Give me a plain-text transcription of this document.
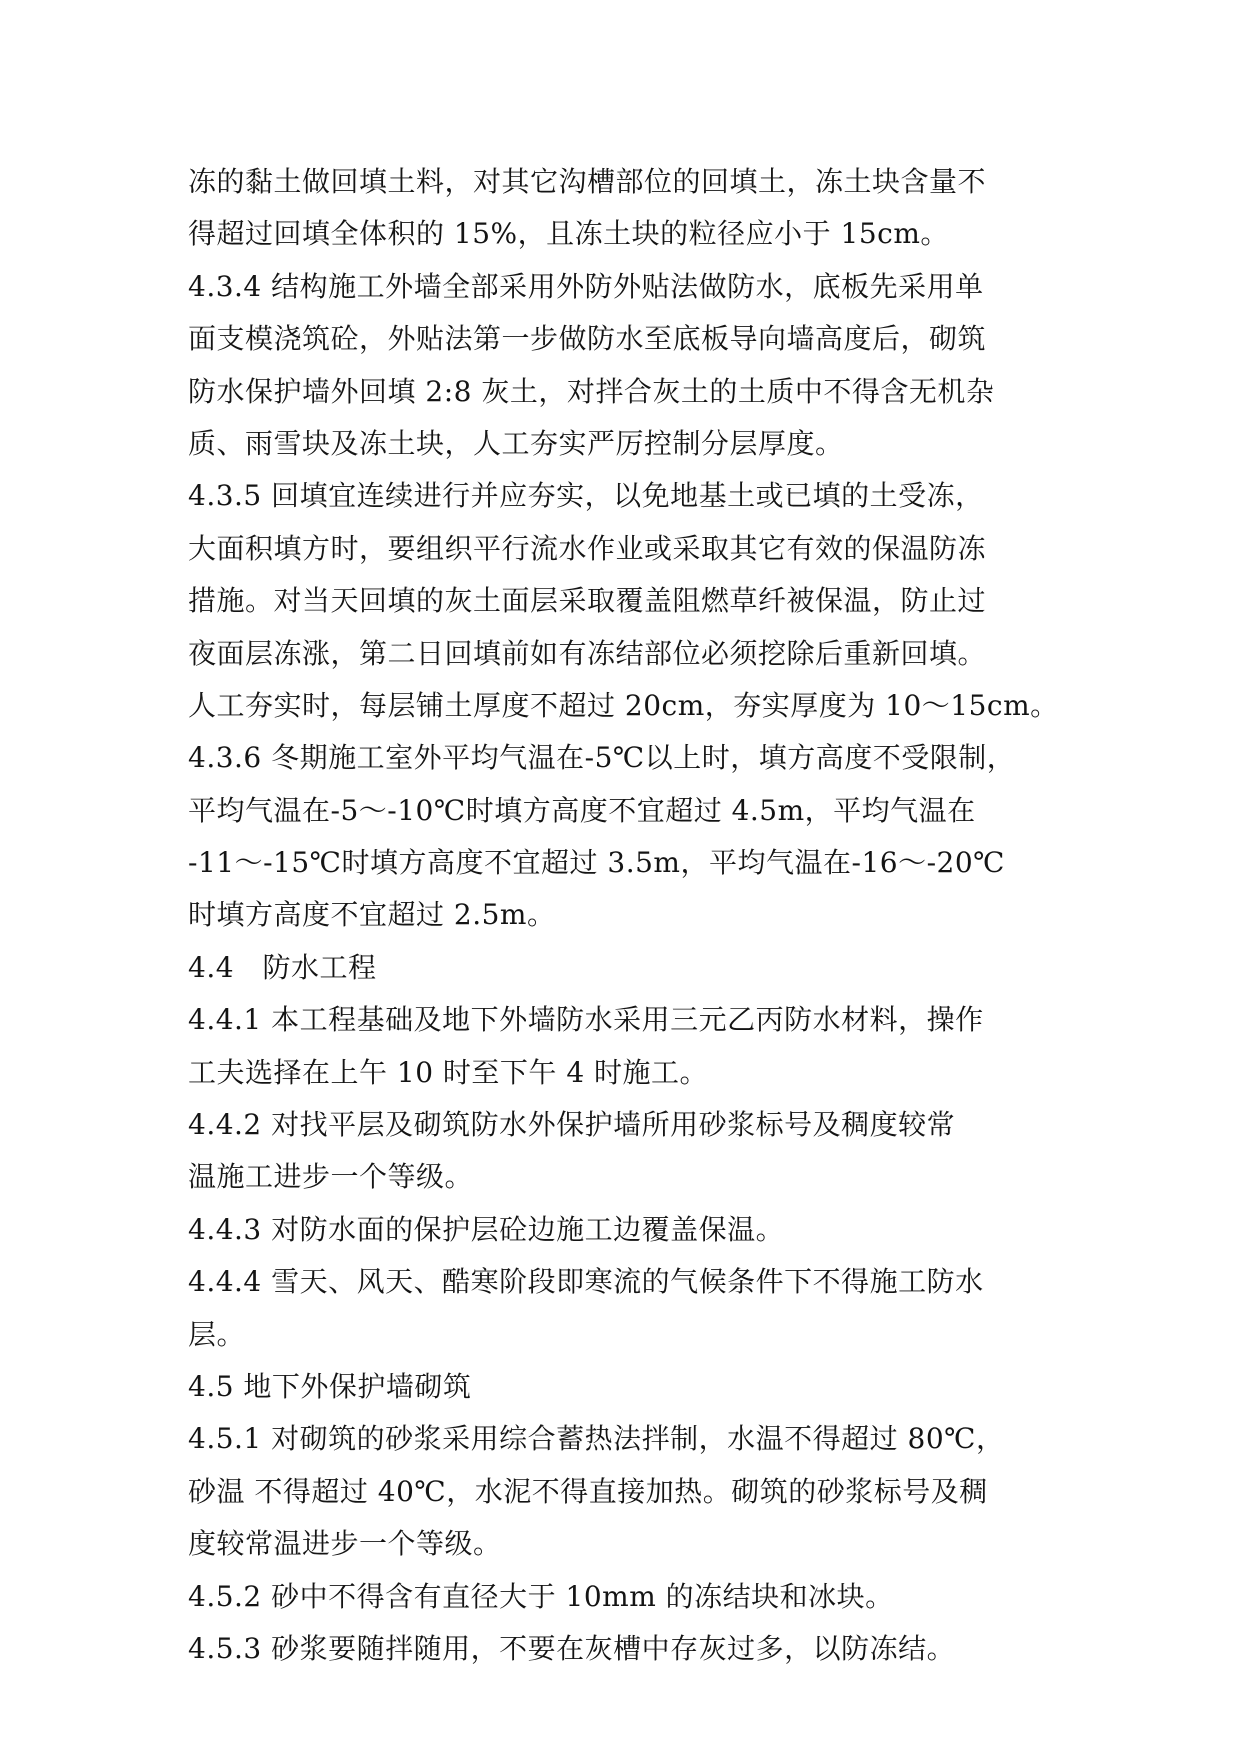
冻的黏土做回填土料，对其它沟槽部位的回填土，冻土块含量不
得超过回填全体积的 15%，且冻土块的粒径应小于 15cm。
4.3.4 结构施工外墙全部采用外防外贴法做防水，底板先采用单
面支模浇筑砼，外贴法第一步做防水至底板导向墙高度后，砌筑
防水保护墙外回填 2:8 灰土，对拌合灰土的土质中不得含无机杂
质、雨雪块及冻土块，人工夯实严厉控制分层厚度。
4.3.5 回填宜连续进行并应夯实，以免地基土或已填的土受冻，
大面积填方时，要组织平行流水作业或采取其它有效的保温防冻
措施。对当天回填的灰土面层采取覆盖阻燃草纤被保温，防止过
夜面层冻涨，第二日回填前如有冻结部位必须挖除后重新回填。
人工夯实时，每层铺土厚度不超过 20cm，夯实厚度为 10～15cm。
4.3.6 冬期施工室外平均气温在-5℃以上时，填方高度不受限制，
平均气温在-5～-10℃时填方高度不宜超过 4.5m，平均气温在
-11～-15℃时填方高度不宜超过 3.5m，平均气温在-16～-20℃
时填方高度不宜超过 2.5m。
4.4　防水工程
4.4.1 本工程基础及地下外墙防水采用三元乙丙防水材料，操作
工夫选择在上午 10 时至下午 4 时施工。
4.4.2 对找平层及砌筑防水外保护墙所用砂浆标号及稠度较常
温施工进步一个等级。
4.4.3 对防水面的保护层砼边施工边覆盖保温。
4.4.4 雪天、风天、酷寒阶段即寒流的气候条件下不得施工防水
层。
4.5 地下外保护墙砌筑
4.5.1 对砌筑的砂浆采用综合蓄热法拌制，水温不得超过 80℃，
砂温 不得超过 40℃，水泥不得直接加热。砌筑的砂浆标号及稠
度较常温进步一个等级。
4.5.2 砂中不得含有直径大于 10mm 的冻结块和冰块。
4.5.3 砂浆要随拌随用，不要在灰槽中存灰过多，以防冻结。
